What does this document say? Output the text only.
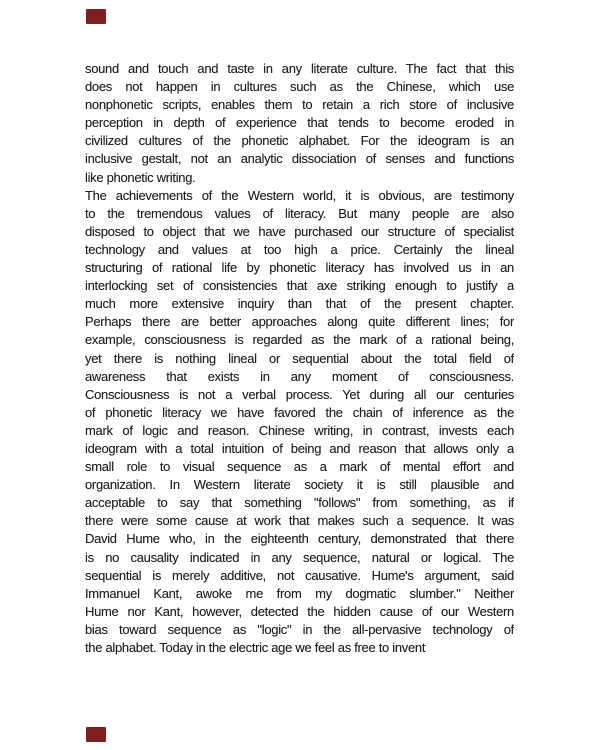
sound and touch and taste in any literate culture. The fact that this
does not happen in cultures such as the Chinese, which use
nonphonetic scripts, enables them to retain a rich store of inclusive
perception in depth of experience that tends to become eroded in
civilized cultures of the phonetic alphabet. For the ideogram is an
inclusive gestalt, not an analytic dissociation of senses and functions
like phonetic writing.
The achievements of the Western world, it is obvious, are testimony
to the tremendous values of literacy. But many people are also
disposed to object that we have purchased our structure of specialist
technology and values at too high a price. Certainly the lineal
structuring of rational life by phonetic literacy has involved us in an
interlocking set of consistencies that axe striking enough to justify a
much more extensive inquiry than that of the present chapter.
Perhaps there are better approaches along quite different lines; for
example, consciousness is regarded as the mark of a rational being,
yet there is nothing lineal or sequential about the total field of
awareness that exists in any moment of consciousness.
Consciousness is not a verbal process. Yet during all our centuries
of phonetic literacy we have favored the chain of inference as the
mark of logic and reason. Chinese writing, in contrast, invests each
ideogram with a total intuition of being and reason that allows only a
small role to visual sequence as a mark of mental effort and
organization. In Western literate society it is still plausible and
acceptable to say that something "follows" from something, as if
there were some cause at work that makes such a sequence. It was
David Hume who, in the eighteenth century, demonstrated that there
is no causality indicated in any sequence, natural or logical. The
sequential is merely additive, not causative. Hume's argument, said
Immanuel Kant, awoke me from my dogmatic slumber." Neither
Hume nor Kant, however, detected the hidden cause of our Western
bias toward sequence as "logic" in the all-pervasive technology of
the alphabet. Today in the electric age we feel as free to invent
